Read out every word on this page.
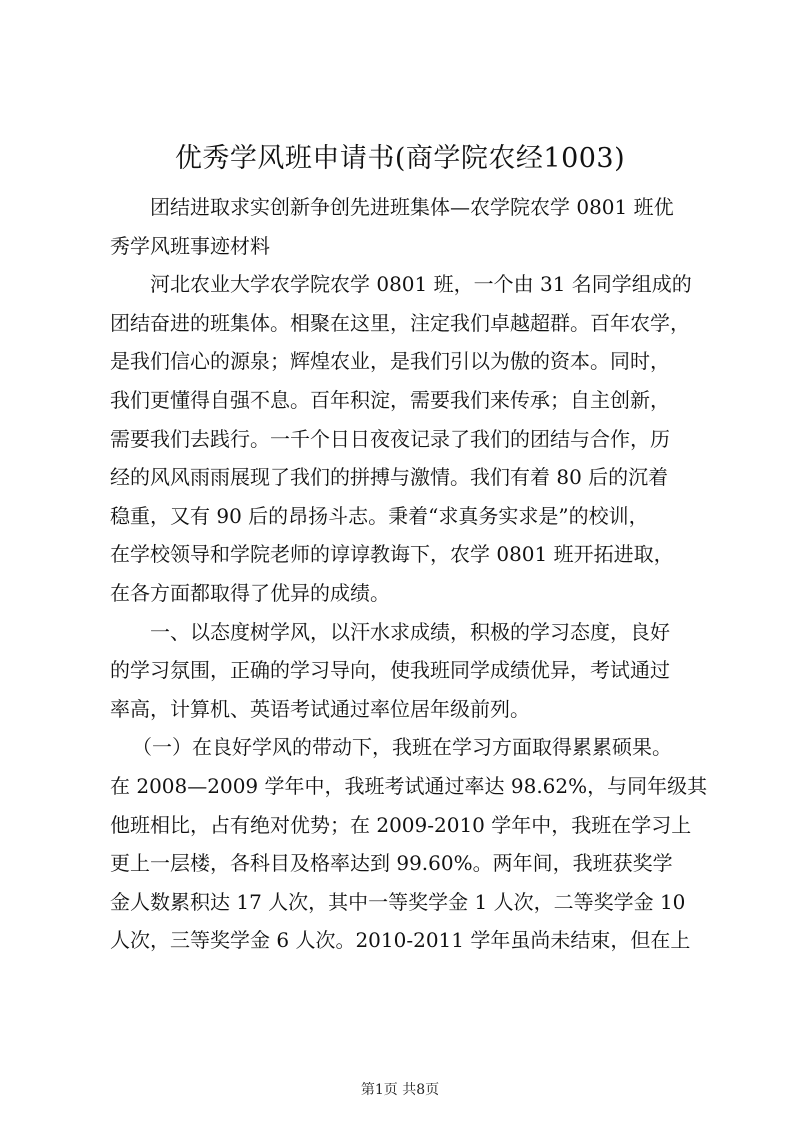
优秀学风班申请书(商学院农经1003)

团结进取求实创新争创先进班集体—农学院农学 0801 班优
秀学风班事迹材料

河北农业大学农学院农学 0801 班，一个由 31 名同学组成的
团结奋进的班集体。相聚在这里，注定我们卓越超群。百年农学，
是我们信心的源泉；辉煌农业，是我们引以为傲的资本。同时，
我们更懂得自强不息。百年积淀，需要我们来传承；自主创新，
需要我们去践行。一千个日日夜夜记录了我们的团结与合作，历
经的风风雨雨展现了我们的拼搏与激情。我们有着 80 后的沉着
稳重，又有 90 后的昂扬斗志。秉着“求真务实求是”的校训，
在学校领导和学院老师的谆谆教诲下，农学 0801 班开拓进取，
在各方面都取得了优异的成绩。

一、以态度树学风，以汗水求成绩，积极的学习态度，良好
的学习氛围，正确的学习导向，使我班同学成绩优异，考试通过
率高，计算机、英语考试通过率位居年级前列。

（一）在良好学风的带动下，我班在学习方面取得累累硕果。
在 2008—2009 学年中，我班考试通过率达 98.62%，与同年级其
他班相比，占有绝对优势；在 2009-2010 学年中，我班在学习上
更上一层楼，各科目及格率达到 99.60%。两年间，我班获奖学
金人数累积达 17 人次，其中一等奖学金 1 人次，二等奖学金 10
人次，三等奖学金 6 人次。2010-2011 学年虽尚未结束，但在上

第1页 共8页
